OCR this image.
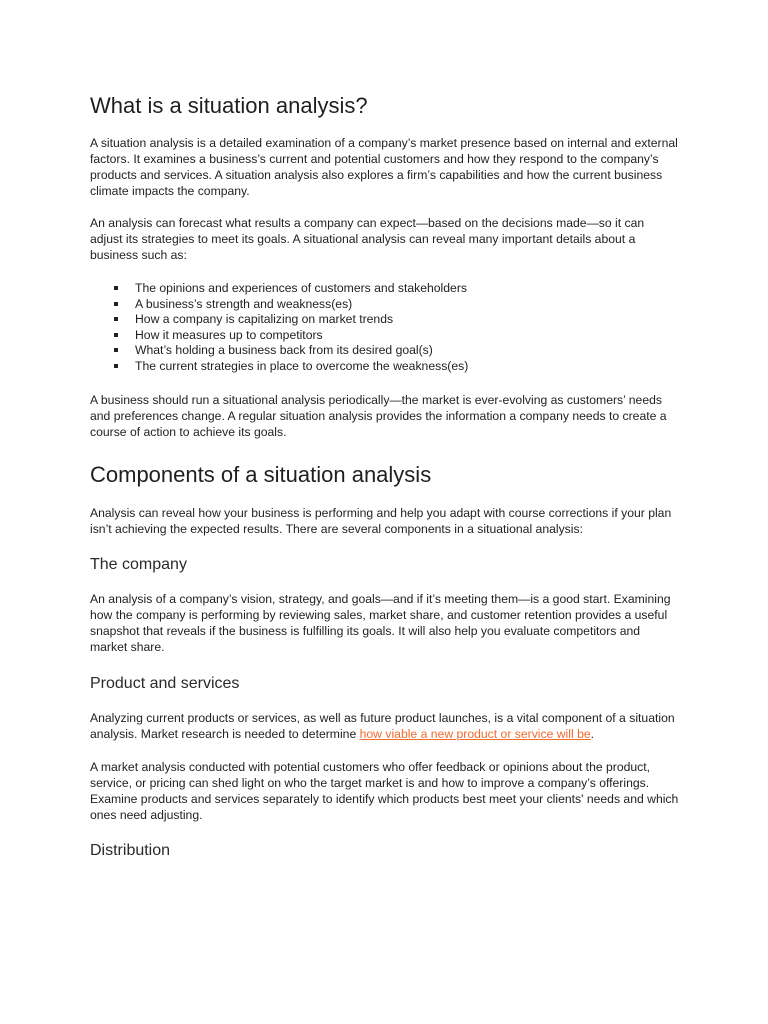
What is a situation analysis?

A situation analysis is a detailed examination of a company’s market presence based on internal and external factors. It examines a business’s current and potential customers and how they respond to the company’s products and services. A situation analysis also explores a firm’s capabilities and how the current business climate impacts the company.

An analysis can forecast what results a company can expect—based on the decisions made—so it can adjust its strategies to meet its goals. A situational analysis can reveal many important details about a business such as:

The opinions and experiences of customers and stakeholders
A business’s strength and weakness(es)
How a company is capitalizing on market trends
How it measures up to competitors
What’s holding a business back from its desired goal(s)
The current strategies in place to overcome the weakness(es)

A business should run a situational analysis periodically—the market is ever-evolving as customers’ needs and preferences change. A regular situation analysis provides the information a company needs to create a course of action to achieve its goals.

Components of a situation analysis

Analysis can reveal how your business is performing and help you adapt with course corrections if your plan isn’t achieving the expected results. There are several components in a situational analysis:

The company

An analysis of a company’s vision, strategy, and goals—and if it’s meeting them—is a good start. Examining how the company is performing by reviewing sales, market share, and customer retention provides a useful snapshot that reveals if the business is fulfilling its goals. It will also help you evaluate competitors and market share.

Product and services

Analyzing current products or services, as well as future product launches, is a vital component of a situation analysis. Market research is needed to determine how viable a new product or service will be.

A market analysis conducted with potential customers who offer feedback or opinions about the product, service, or pricing can shed light on who the target market is and how to improve a company’s offerings. Examine products and services separately to identify which products best meet your clients' needs and which ones need adjusting.

Distribution
